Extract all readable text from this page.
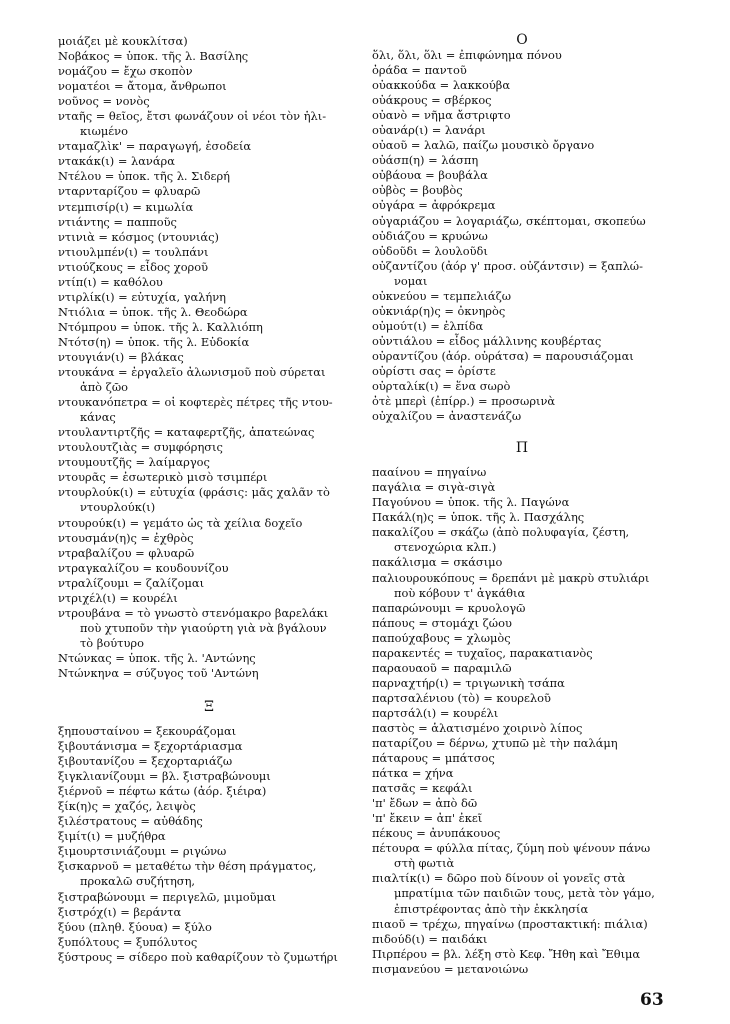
μοιάζει μὲ κουκλίτσα)
Νοβάκος = ὑποκ. τῆς λ. Βασίλης
νομάζου = ἔχω σκοπὸν
νοματέοι = ἄτομα, ἄνθρωποι
νοῦνος = νονὸς
νταῆς = θεῖος, ἔτσι φωνάζουν οἱ νέοι τὸν ἡλι-
κιωμένο
νταμαζλὶκ' = παραγωγή, ἐσοδεία
ντακάκ(ι) = λανάρα
Ντέλου = ὑποκ. τῆς λ. Σιδερή
νταρνταρίζου = φλυαρῶ
ντεμπισίρ(ι) = κιμωλία
ντιάντης = παπποῦς
ντινιὰ = κόσμος (ντουνιάς)
ντιουλμπέν(ι) = τουλπάνι
ντιούζκους = εἶδος χοροῦ
ντίπ(ι) = καθόλου
ντιρλίκ(ι) = εὐτυχία, γαλήνη
Ντιόλια = ὑποκ. τῆς λ. Θεοδώρα
Ντόμπρου = ὑποκ. τῆς λ. Καλλιόπη
Ντότσ(η) = ὑποκ. τῆς λ. Εὐδοκία
ντουγιάν(ι) = βλάκας
ντουκάνα = ἐργαλεῖο ἀλωνισμοῦ ποὺ σύρεται
ἀπὸ ζῶο
ντουκανόπετρα = οἱ κοφτερὲς πέτρες τῆς ντου-
κάνας
ντουλαντιρτζῆς = καταφερτζῆς, ἀπατεώνας
ντουλουτζιὰς = συμφόρησις
ντουμουτζῆς = λαίμαργος
ντουρᾶς = ἐσωτερικὸ μισὸ τσιμπέρι
ντουρλούκ(ι) = εὐτυχία (φράσις: μᾶς χαλᾶν τὸ
ντουρλούκ(ι)
ντουρούκ(ι) = γεμάτο ὡς τὰ χείλια δοχεῖο
ντουσμάν(η)ς = ἐχθρὸς
ντραβαλίζου = φλυαρῶ
ντραγκαλίζου = κουδουνίζου
ντραλίζουμι = ζαλίζομαι
ντριχέλ(ι) = κουρέλι
ντρουβάνα = τὸ γνωστὸ στενόμακρο βαρελάκι
ποὺ χτυποῦν τὴν γιαούρτη γιὰ νὰ βγάλουν
τὸ βούτυρο
Ντώνκας = ὑποκ. τῆς λ. 'Αντώνης
Ντώνκηνα = σύζυγος τοῦ 'Αντώνη
Ξ
ξηπουσταίνου = ξεκουράζομαι
ξιβουτάνισμα = ξεχορτάριασμα
ξιβουτανίζου = ξεχορταριάζω
ξιγκλιανίζουμι = βλ. ξιστραβώνουμι
ξιέρνοῦ = πέφτω κάτω (ἀόρ. ξιέιρα)
ξίκ(η)ς = χαζός, λειψὸς
ξιλέστρατους = αὐθάδης
ξιμίτ(ι) = μυζήθρα
ξιμουρτσινιάζουμι = ριγώνω
ξισκαρνοῦ = μεταθέτω τὴν θέση πράγματος,
προκαλῶ συζήτηση,
ξιστραβώνουμι = περιγελῶ, μιμοῦμαι
ξιστρόχ(ι) = βεράντα
ξύου (πληθ. ξύουα) = ξύλο
ξυπόλτους = ξυπόλυτος
ξύστρους = σίδερο ποὺ καθαρίζουν τὸ ζυμωτήρι
Ο
ὅλι, ὅλι, ὅλι = ἐπιφώνημα πόνου
ὀράδα = παντοῦ
οὐακκούδα = λακκούβα
οὐάκρους = σβέρκος
οὐανὸ = νῆμα ἄστριφτο
οὐανάρ(ι) = λανάρι
οὐαοῦ = λαλῶ, παίζω μουσικὸ ὄργανο
οὐάσπ(η) = λάσπη
οὐβάουα = βουβάλα
οὐβὸς = βουβὸς
οὐγάρα = ἀφρόκρεμα
οὐγαριάζου = λογαριάζω, σκέπτομαι, σκοπεύω
οὐδιάζου = κρυώνω
οὐδοῦδι = λουλοῦδι
οὐζαντίζου (ἀόρ γ' προσ. οὐζάντσιν) = ξαπλώ-
νομαι
οὐκνεύου = τεμπελιάζω
οὐκνιάρ(η)ς = ὀκνηρὸς
οὐμούτ(ι) = ἐλπίδα
οὐντιάλου = εἶδος μάλλινης κουβέρτας
οὐραντίζου (ἀόρ. οὐράτσα) = παρουσιάζομαι
οὐρίστι σας = ὁρίστε
οὐρταλίκ(ι) = ἕνα σωρὸ
ὀτὲ μπερὶ (ἐπίρρ.) = προσωρινὰ
οὐχαλίζου = ἀναστενάζω
Π
πααίνου = πηγαίνω
παγάλια = σιγὰ-σιγὰ
Παγούνου = ὑποκ. τῆς λ. Παγώνα
Πακάλ(η)ς = ὑποκ. τῆς λ. Πασχάλης
πακαλίζου = σκάζω (ἀπὸ πολυφαγία, ζέστη,
στενοχώρια κλπ.)
πακάλισμα = σκάσιμο
παλιουρουκόπους = δρεπάνι μὲ μακρὺ στυλιάρι
ποὺ κόβουν τ' ἀγκάθια
παπαρώνουμι = κρυολογῶ
πάπους = στομάχι ζώου
παπούχαβους = χλωμὸς
παρακεντές = τυχαῖος, παρακατιανὸς
παραουαοῦ = παραμιλῶ
παρναχτήρ(ι) = τριγωνικὴ τσάπα
παρτσαλένιου (τὸ) = κουρελοῦ
παρτσάλ(ι) = κουρέλι
παστὸς = ἁλατισμένο χοιρινὸ λίπος
παταρίζου = δέρνω, χτυπῶ μὲ τὴν παλάμη
πάταρους = μπάτσος
πάτκα = χήνα
πατσᾶς = κεφάλι
'π' ἔδων = ἀπὸ δῶ
'π' ἔκειν = ἀπ' ἐκεῖ
πέκους = ἀνυπάκουος
πέτουρα = φύλλα πίτας, ζύμη ποὺ ψένουν πάνω
στὴ φωτιὰ
πιαλτίκ(ι) = δῶρο ποὺ δίνουν οἱ γονεῖς στὰ
μπρατίμια τῶν παιδιῶν τους, μετὰ τὸν γάμο,
ἐπιστρέφοντας ἀπὸ τὴν ἐκκλησία
πιαοῦ = τρέχω, πηγαίνω (προστακτική: πιάλια)
πιδούδ(ι) = παιδάκι
Πιρπέρου = βλ. λέξη στὸ Κεφ. Ἤθη καὶ Ἔθιμα
πισμανεύου = μετανοιώνω
63
